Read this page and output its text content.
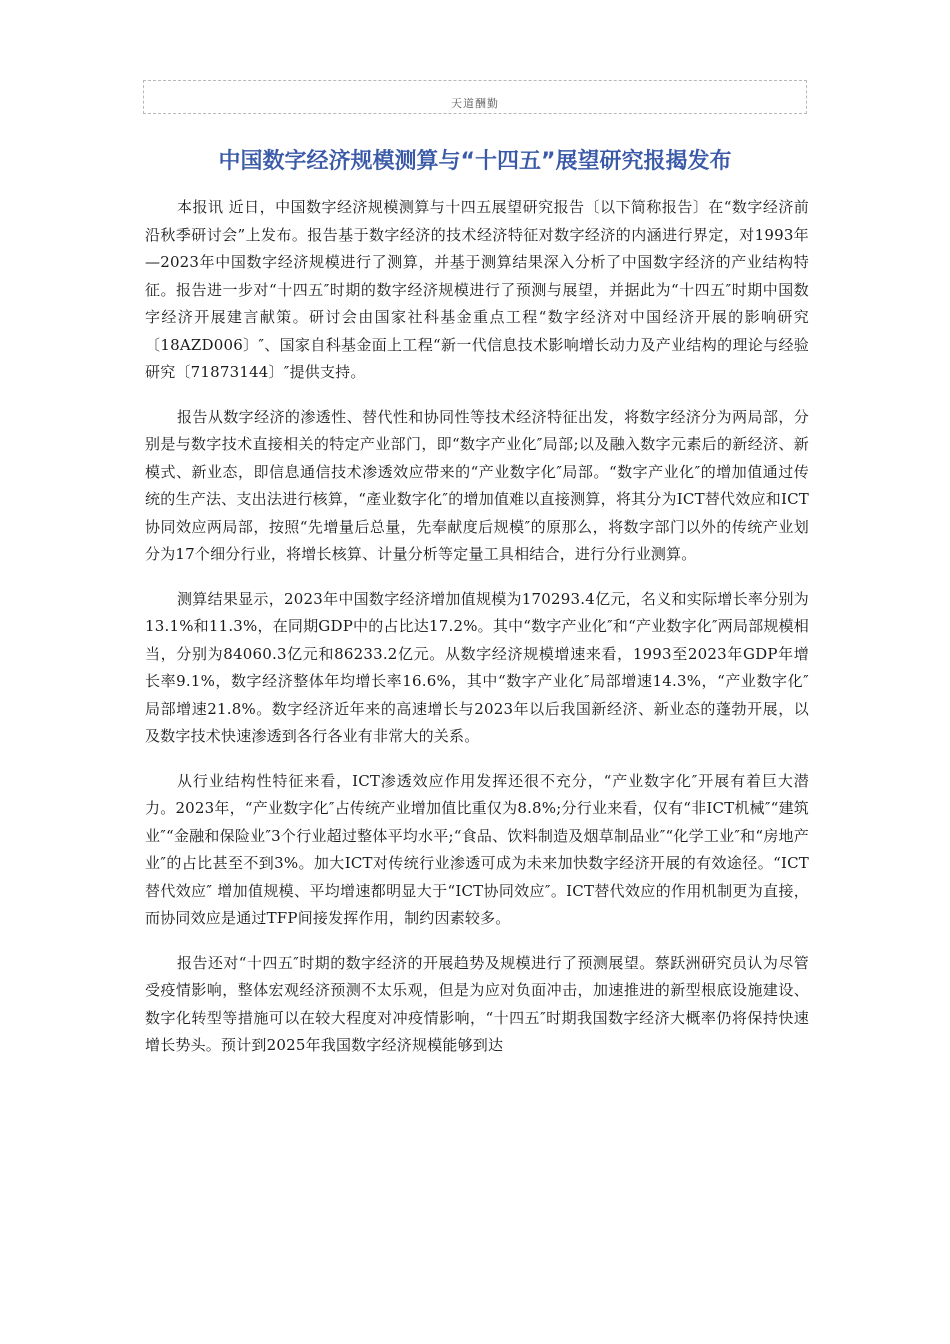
天道酬勤
中国数字经济规模测算与“十四五”展望研究报揭发布

本报讯 近日，中国数字经济规模测算与十四五展望研究报告〔以下简称报告〕在“数字经济前沿秋季研讨会”上发布。报告基于数字经济的技术经济特征对数字经济的内涵进行界定，对1993年—2023年中国数字经济规模进行了测算，并基于测算结果深入分析了中国数字经济的产业结构特征。报告进一步对“十四五″时期的数字经济规模进行了预测与展望，并据此为“十四五″时期中国数字经济开展建言献策。研讨会由国家社科基金重点工程“数字经济对中国经济开展的影响研究〔18AZD006〕″、国家自科基金面上工程“新一代信息技术影响增长动力及产业结构的理论与经验研究〔71873144〕″提供支持。

报告从数字经济的渗透性、替代性和协同性等技术经济特征出发，将数字经济分为两局部，分别是与数字技术直接相关的特定产业部门，即“数字产业化″局部;以及融入数字元素后的新经济、新模式、新业态，即信息通信技术渗透效应带来的“产业数字化″局部。“数字产业化″的增加值通过传统的生产法、支出法进行核算，“產业数字化″的增加值难以直接测算，将其分为ICT替代效应和ICT协同效应两局部，按照“先增量后总量，先奉献度后规模″的原那么，将数字部门以外的传统产业划分为17个细分行业，将增长核算、计量分析等定量工具相结合，进行分行业测算。

测算结果显示，2023年中国数字经济增加值规模为170293.4亿元，名义和实际增长率分别为13.1%和11.3%，在同期GDP中的占比达17.2%。其中“数字产业化″和“产业数字化″两局部规模相当，分别为84060.3亿元和86233.2亿元。从数字经济规模增速来看，1993至2023年GDP年增长率9.1%，数字经济整体年均增长率16.6%，其中“数字产业化″局部增速14.3%，“产业数字化″局部增速21.8%。数字经济近年来的高速增长与2023年以后我国新经济、新业态的蓬勃开展，以及数字技术快速渗透到各行各业有非常大的关系。

从行业结构性特征来看，ICT渗透效应作用发挥还很不充分，“产业数字化″开展有着巨大潜力。2023年，“产业数字化″占传统产业增加值比重仅为8.8%;分行业来看，仅有“非ICT机械″“建筑业″“金融和保险业″3个行业超过整体平均水平;“食品、饮料制造及烟草制品业″“化学工业″和“房地产业″的占比甚至不到3%。加大ICT对传统行业渗透可成为未来加快数字经济开展的有效途径。“ICT替代效应″ 增加值规模、平均增速都明显大于“ICT协同效应″。ICT替代效应的作用机制更为直接，而协同效应是通过TFP间接发挥作用，制约因素较多。

报告还对“十四五″时期的数字经济的开展趋势及规模进行了预测展望。蔡跃洲研究员认为尽管受疫情影响，整体宏观经济预测不太乐观，但是为应对负面冲击，加速推进的新型根底设施建设、数字化转型等措施可以在较大程度对冲疫情影响，“十四五″时期我国数字经济大概率仍将保持快速增长势头。预计到2025年我国数字经济规模能够到达
